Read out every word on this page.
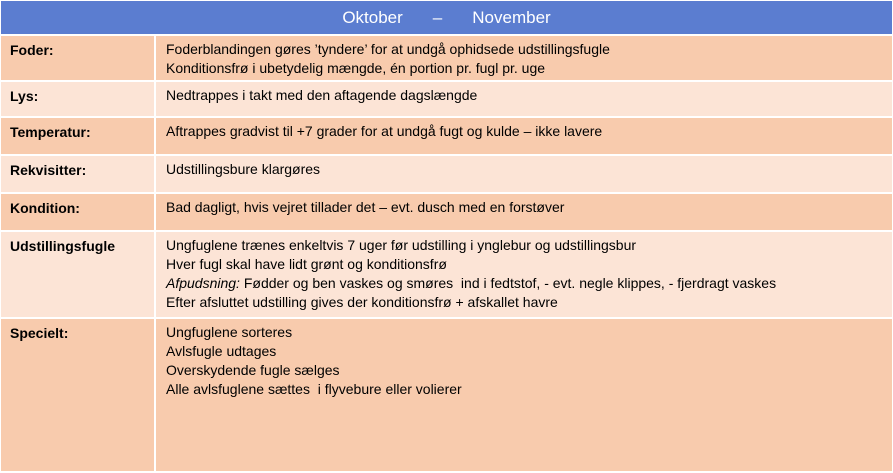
Oktober – November
Foder:	Foderblandingen gøres ’tyndere’ for at undgå ophidsede udstillingsfugle
Konditionsfrø i ubetydelig mængde, én portion pr. fugl pr. uge
Lys:	Nedtrappes i takt med den aftagende dagslængde
Temperatur:	Aftrappes gradvist til +7 grader for at undgå fugt og kulde – ikke lavere
Rekvisitter:	Udstillingsbure klargøres
Kondition:	Bad dagligt, hvis vejret tillader det – evt. dusch med en forstøver
Udstillingsfugle	Ungfuglene trænes enkeltvis 7 uger før udstilling i ynglebur og udstillingsbur
Hver fugl skal have lidt grønt og konditionsfrø
Afpudsning: Fødder og ben vaskes og smøres  ind i fedtstof, - evt. negle klippes, - fjerdragt vaskes
Efter afsluttet udstilling gives der konditionsfrø + afskallet havre
Specielt:	Ungfuglene sorteres
Avlsfugle udtages
Overskydende fugle sælges
Alle avlsfuglene sættes  i flyvebure eller volierer
